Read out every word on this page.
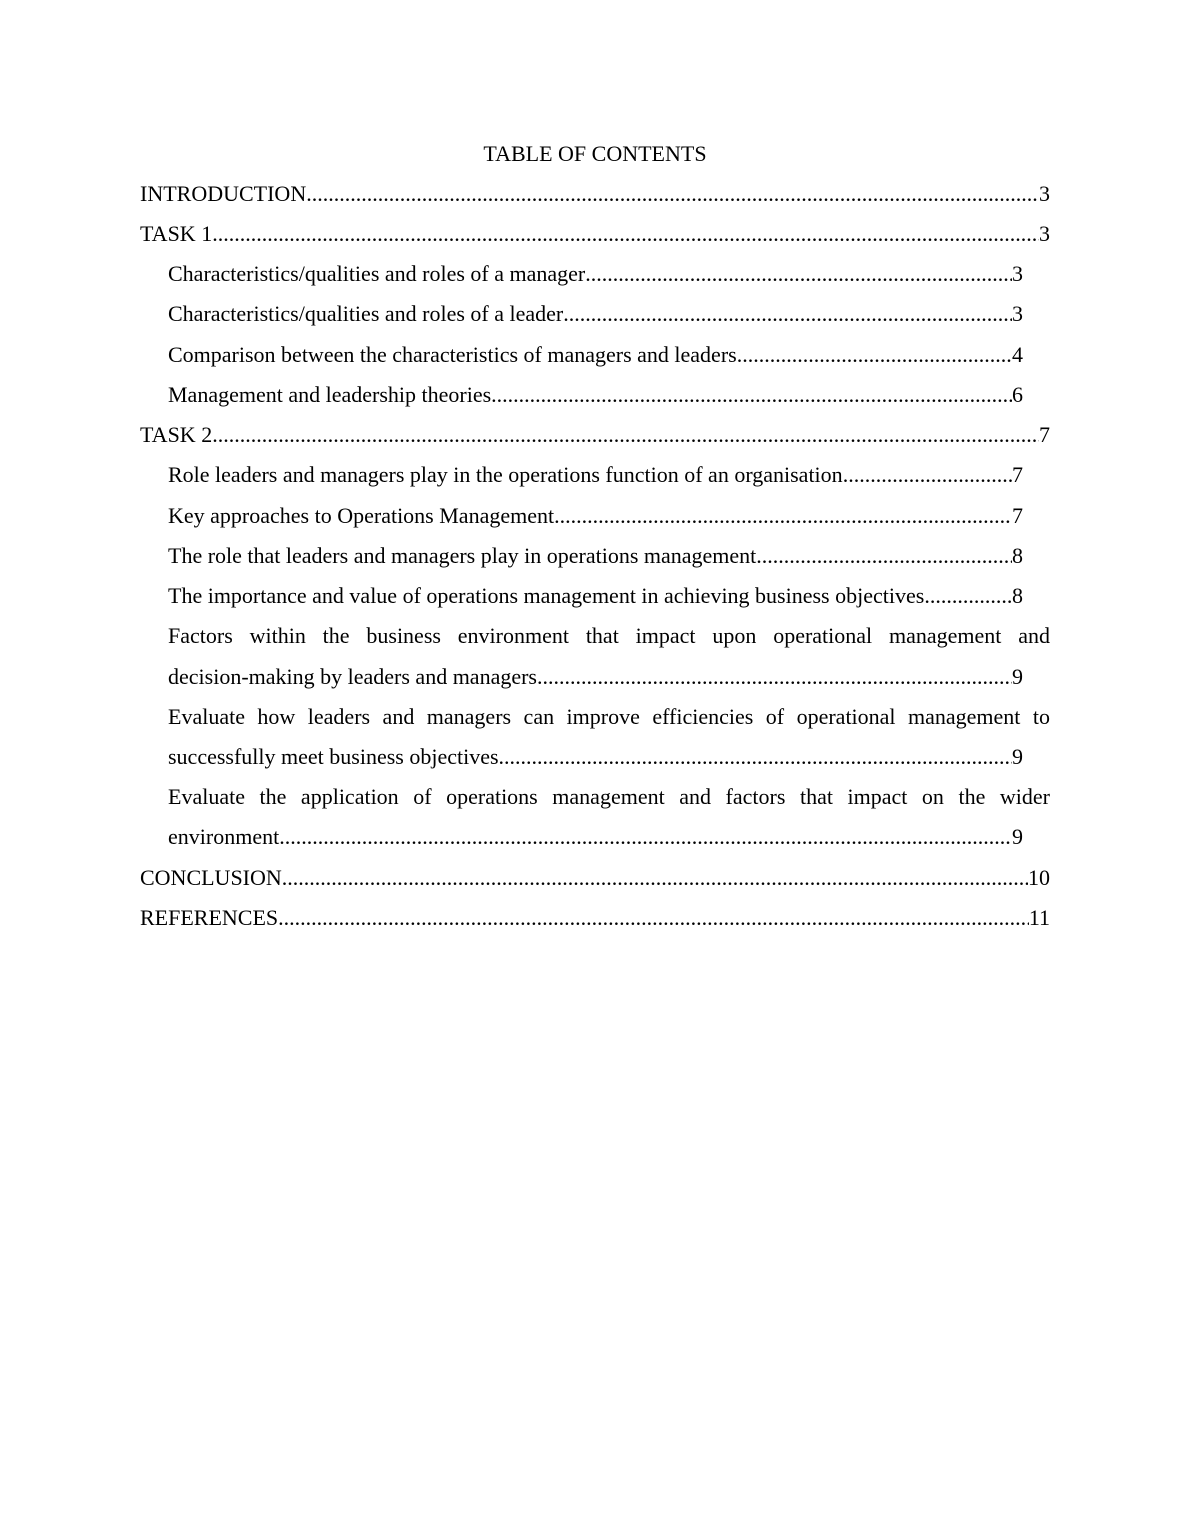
TABLE OF CONTENTS
INTRODUCTION .....	3
TASK 1 .....	3
Characteristics/qualities and roles of a manager .....	3
Characteristics/qualities and roles of a leader .....	3
Comparison between the characteristics of managers and leaders .....	4
Management and leadership theories .....	6
TASK 2 .....	7
Role leaders and managers play in the operations function of an organisation .....	7
Key approaches to Operations Management .....	7
The role that leaders and managers play in operations management .....	8
The importance and value of operations management in achieving business objectives .....	8
Factors within the business environment that impact upon operational management and
decision-making by leaders and managers .....	9
Evaluate how leaders and managers can improve efficiencies of operational management to
successfully meet business objectives .....	9
Evaluate the application of operations management and factors that impact on the wider
environment .....	9
CONCLUSION .....	10
REFERENCES .....	11
